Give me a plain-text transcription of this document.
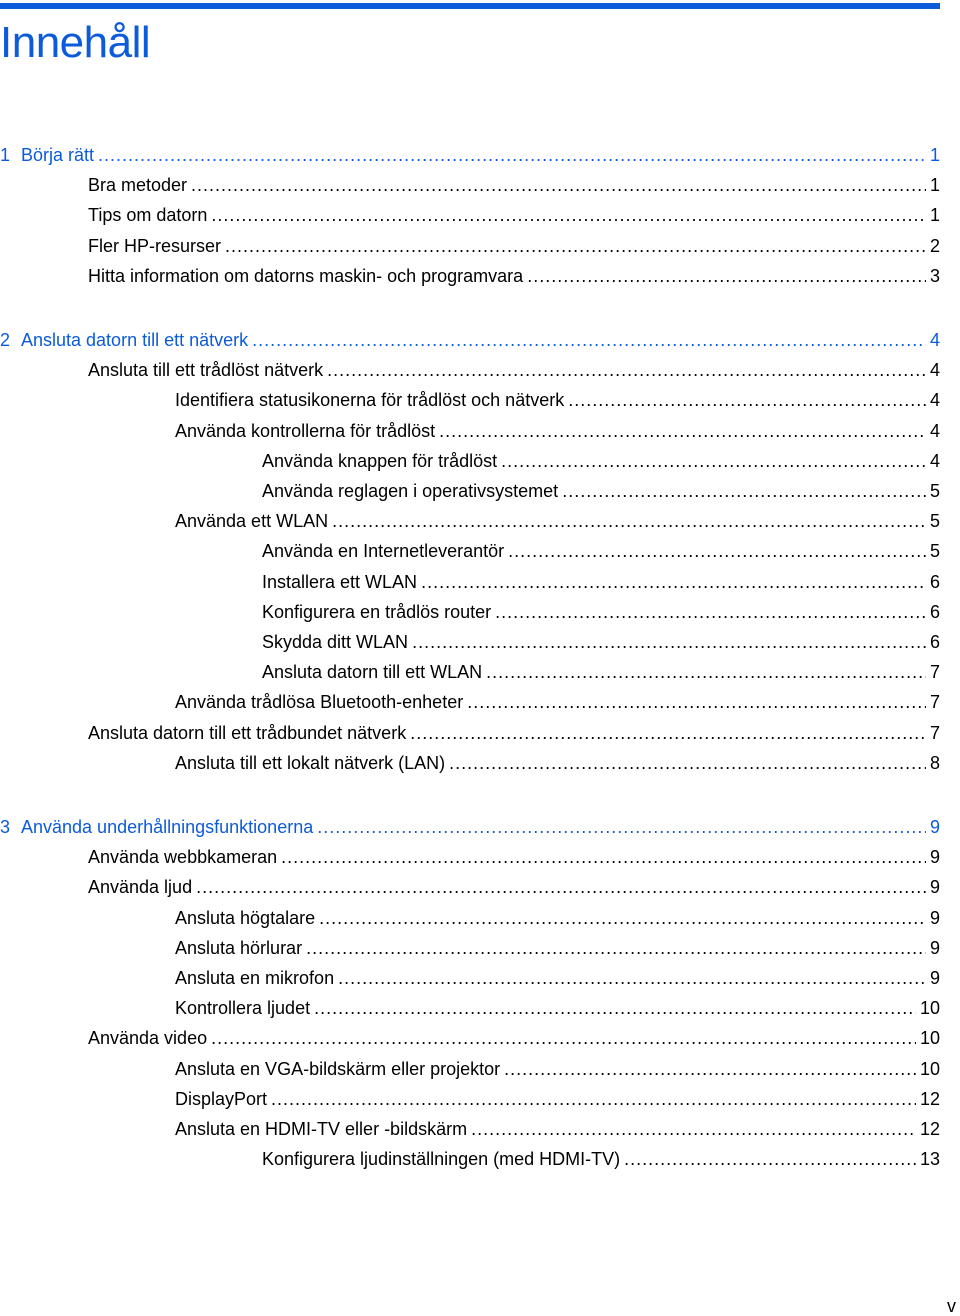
Innehåll
1 Börja rätt .....	1
Bra metoder .....	1
Tips om datorn .....	1
Fler HP-resurser .....	2
Hitta information om datorns maskin- och programvara .....	3
2 Ansluta datorn till ett nätverk .....	4
Ansluta till ett trådlöst nätverk .....	4
Identifiera statusikonerna för trådlöst och nätverk .....	4
Använda kontrollerna för trådlöst .....	4
Använda knappen för trådlöst .....	4
Använda reglagen i operativsystemet .....	5
Använda ett WLAN .....	5
Använda en Internetleverantör .....	5
Installera ett WLAN .....	6
Konfigurera en trådlös router .....	6
Skydda ditt WLAN .....	6
Ansluta datorn till ett WLAN .....	7
Använda trådlösa Bluetooth-enheter .....	7
Ansluta datorn till ett trådbundet nätverk .....	7
Ansluta till ett lokalt nätverk (LAN) .....	8
3 Använda underhållningsfunktionerna .....	9
Använda webbkameran .....	9
Använda ljud .....	9
Ansluta högtalare .....	9
Ansluta hörlurar .....	9
Ansluta en mikrofon .....	9
Kontrollera ljudet .....	10
Använda video .....	10
Ansluta en VGA-bildskärm eller projektor .....	10
DisplayPort .....	12
Ansluta en HDMI-TV eller -bildskärm .....	12
Konfigurera ljudinställningen (med HDMI-TV) .....	13
v
